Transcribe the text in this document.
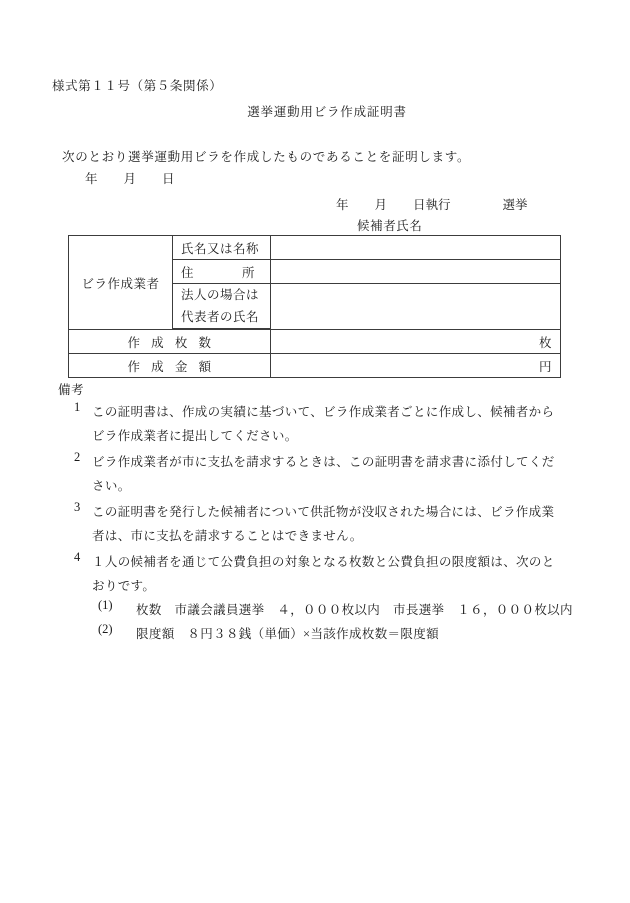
様式第１１号（第５条関係）
選挙運動用ビラ作成証明書
次のとおり選挙運動用ビラを作成したものであることを証明します。
年 月 日
年 月 日執行	選挙
候補者氏名
ビラ作成業者	氏名又は名称	

	住 所	

	法人の場合は
代表者の氏名	

作 成 枚 数		枚

作 成 金 額		円
備考
1 この証明書は、作成の実績に基づいて、ビラ作成業者ごとに作成し、候補者から
ビラ作成業者に提出してください。
2 ビラ作成業者が市に支払を請求するときは、この証明書を請求書に添付してくだ
さい。
3 この証明書を発行した候補者について供託物が没収された場合には、ビラ作成業
者は、市に支払を請求することはできません。
4 １人の候補者を通じて公費負担の対象となる枚数と公費負担の限度額は、次のと
おりです。
(1)	枚数　市議会議員選挙　４，０００枚以内　市長選挙　１６，０００枚以内
(2)	限度額　８円３８銭（単価）×当該作成枚数＝限度額
